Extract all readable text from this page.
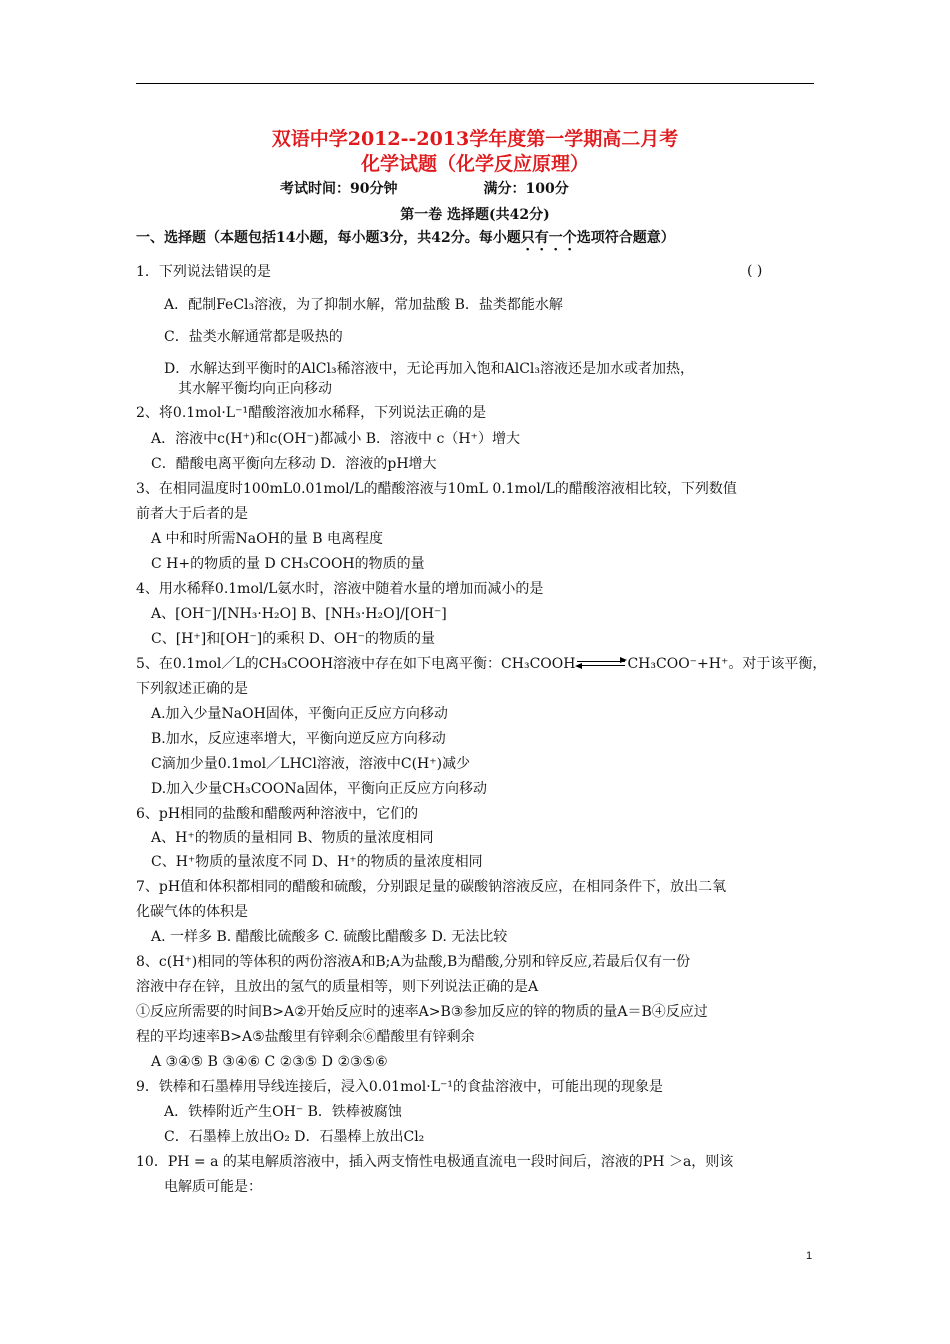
双语中学2012--2013学年度第一学期高二月考
化学试题（化学反应原理）
考试时间：90分钟	满分：100分
第一卷 选择题(共42分)
一、选择题（本题包括14小题，每小题3分，共42分。每小题只有一个选项符合题意）
1．下列说法错误的是	( )
A．配制FeCl₃溶液，为了抑制水解，常加盐酸 B．盐类都能水解
C．盐类水解通常都是吸热的
D．水解达到平衡时的AlCl₃稀溶液中，无论再加入饱和AlCl₃溶液还是加水或者加热，
其水解平衡均向正向移动
2、将0.1mol·L⁻¹醋酸溶液加水稀释，下列说法正确的是
A．溶液中c(H⁺)和c(OH⁻)都减小 B．溶液中 c（H⁺）增大
C．醋酸电离平衡向左移动 D．溶液的pH增大
3、在相同温度时100mL0.01mol/L的醋酸溶液与10mL 0.1mol/L的醋酸溶液相比较，下列数值
前者大于后者的是
A 中和时所需NaOH的量 B 电离程度
C H+的物质的量 D CH₃COOH的物质的量
4、用水稀释0.1mol/L氨水时，溶液中随着水量的增加而减小的是
A、[OH⁻]/[NH₃·H₂O] B、[NH₃·H₂O]/[OH⁻]
C、[H⁺]和[OH⁻]的乘积 D、OH⁻的物质的量
5、在0.1mol／L的CH₃COOH溶液中存在如下电离平衡：CH₃COOH	CH₃COO⁻+H⁺。对于该平衡，
下列叙述正确的是
A.加入少量NaOH固体，平衡向正反应方向移动
B.加水，反应速率增大，平衡向逆反应方向移动
C滴加少量0.1mol／LHCl溶液，溶液中C(H⁺)减少
D.加入少量CH₃COONa固体，平衡向正反应方向移动
6、pH相同的盐酸和醋酸两种溶液中，它们的
A、H⁺的物质的量相同 B、物质的量浓度相同
C、H⁺物质的量浓度不同 D、H⁺的物质的量浓度相同
7、pH值和体积都相同的醋酸和硫酸，分别跟足量的碳酸钠溶液反应，在相同条件下，放出二氧
化碳气体的体积是
A. 一样多 B. 醋酸比硫酸多 C. 硫酸比醋酸多 D. 无法比较
8、c(H⁺)相同的等体积的两份溶液A和B;A为盐酸,B为醋酸,分别和锌反应,若最后仅有一份
溶液中存在锌，且放出的氢气的质量相等，则下列说法正确的是A
①反应所需要的时间B>A②开始反应时的速率A>B③参加反应的锌的物质的量A＝B④反应过
程的平均速率B>A⑤盐酸里有锌剩余⑥醋酸里有锌剩余
A ③④⑤ B ③④⑥ C ②③⑤ D ②③⑤⑥
9．铁棒和石墨棒用导线连接后，浸入0.01mol·L⁻¹的食盐溶液中，可能出现的现象是
A．铁棒附近产生OH⁻ B．铁棒被腐蚀
C．石墨棒上放出O₂ D．石墨棒上放出Cl₂
10．PH = a 的某电解质溶液中，插入两支惰性电极通直流电一段时间后，溶液的PH ＞a，则该
电解质可能是：
1
